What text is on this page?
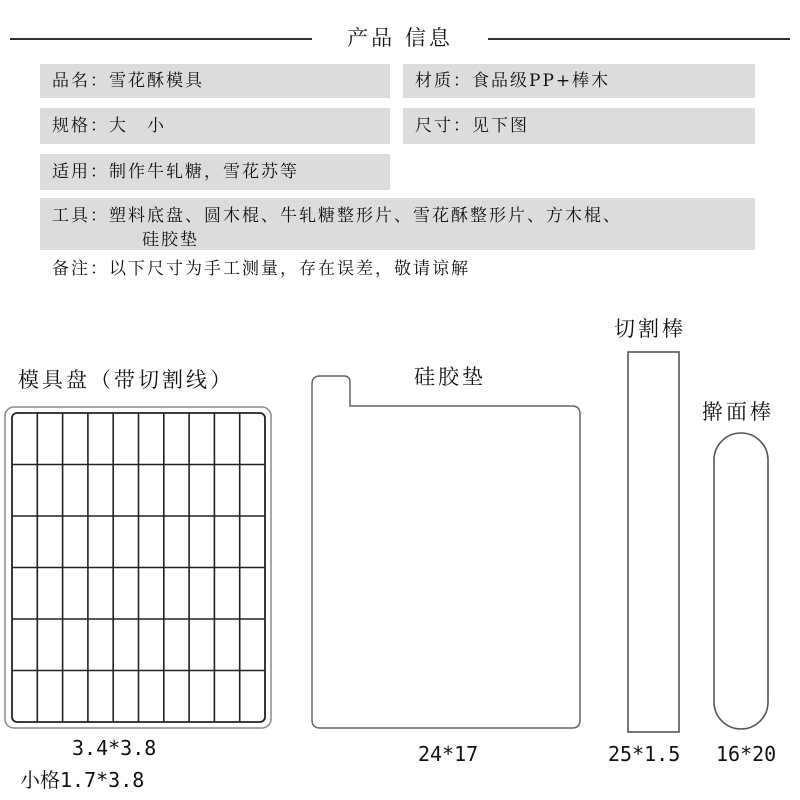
产品 信息
品名： 雪花酥模具	材质： 食品级PP+棒木
规格： 大　小	尺寸： 见下图
适用： 制作牛轧糖，雪花苏等
工具：塑料底盘、圆木棍、牛轧糖整形片、雪花酥整形片、方木棍、
硅胶垫
备注：以下尺寸为手工测量，存在误差，敬请谅解
模具盘（带切割线）	硅胶垫
切割棒
擀面棒
3.4*3.8
小格1.7*3.8
24*17	25*1.5 16*20
